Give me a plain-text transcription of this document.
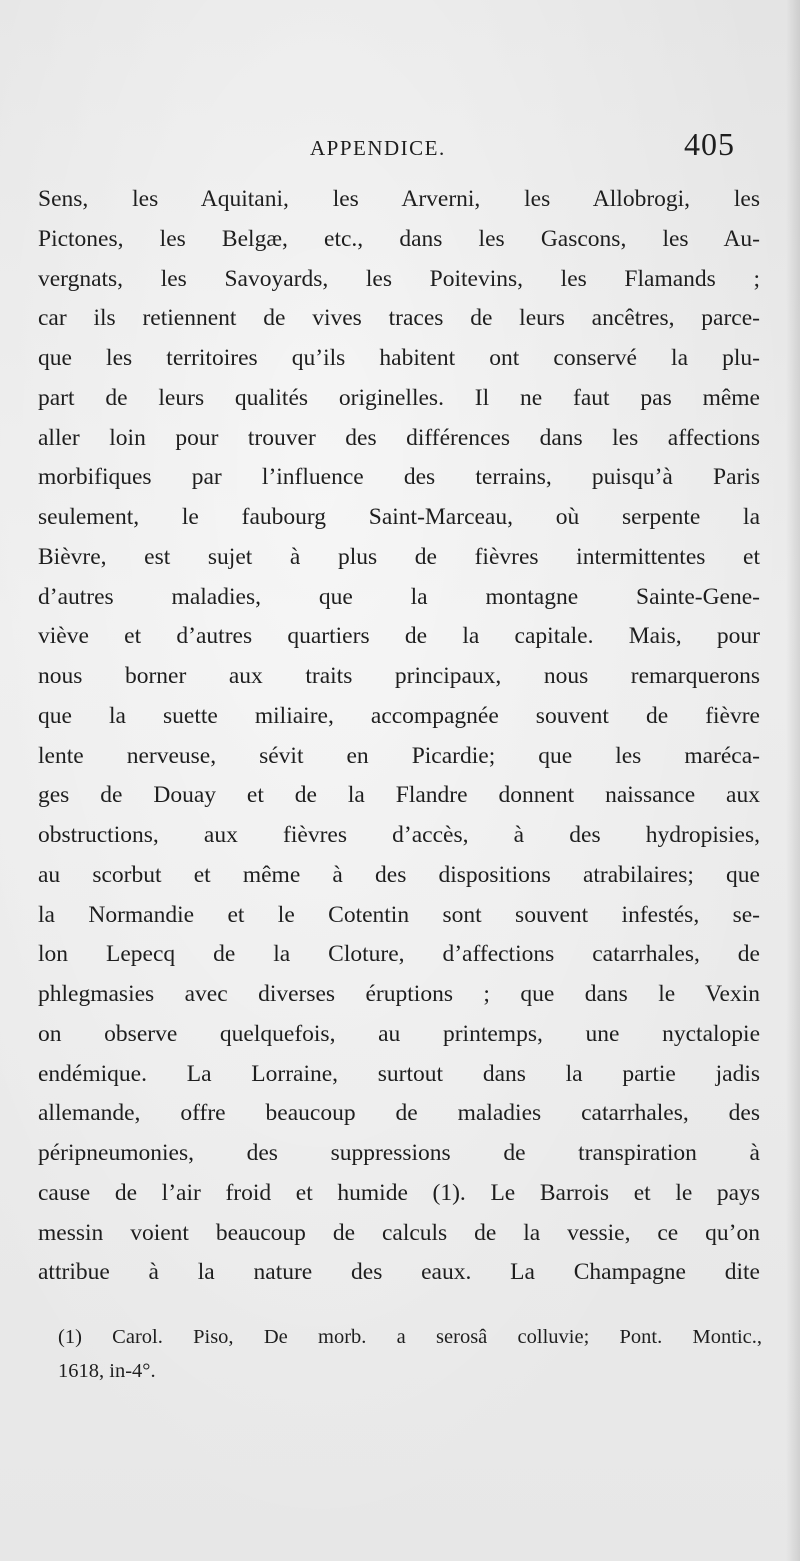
APPENDICE.	405
Sens, les Aquitani, les Arverni, les Allobrogi, les
Pictones, les Belgæ, etc., dans les Gascons, les Au-
vergnats, les Savoyards, les Poitevins, les Flamands ;
car ils retiennent de vives traces de leurs ancêtres, parce-
que les territoires qu’ils habitent ont conservé la plu-
part de leurs qualités originelles. Il ne faut pas même
aller loin pour trouver des différences dans les affections
morbifiques par l’influence des terrains, puisqu’à Paris
seulement, le faubourg Saint-Marceau, où serpente la
Bièvre, est sujet à plus de fièvres intermittentes et
d’autres maladies, que la montagne Sainte-Gene-
viève et d’autres quartiers de la capitale. Mais, pour
nous borner aux traits principaux, nous remarquerons
que la suette miliaire, accompagnée souvent de fièvre
lente nerveuse, sévit en Picardie; que les maréca-
ges de Douay et de la Flandre donnent naissance aux
obstructions, aux fièvres d’accès, à des hydropisies,
au scorbut et même à des dispositions atrabilaires; que
la Normandie et le Cotentin sont souvent infestés, se-
lon Lepecq de la Cloture, d’affections catarrhales, de
phlegmasies avec diverses éruptions ; que dans le Vexin
on observe quelquefois, au printemps, une nyctalopie
endémique. La Lorraine, surtout dans la partie jadis
allemande, offre beaucoup de maladies catarrhales, des
péripneumonies, des suppressions de transpiration à
cause de l’air froid et humide (1). Le Barrois et le pays
messin voient beaucoup de calculs de la vessie, ce qu’on
attribue à la nature des eaux. La Champagne dite
(1) Carol. Piso, De morb. a serosâ colluvie; Pont. Montic.,
1618, in-4°.
